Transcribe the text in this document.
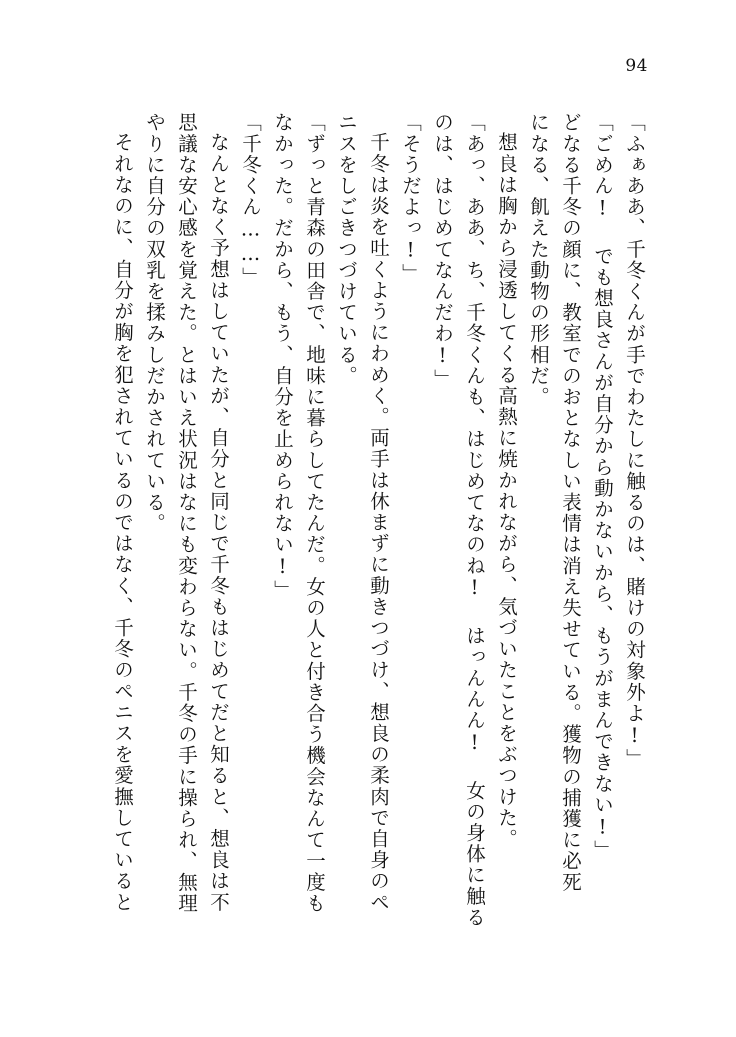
94
「ふぁああ、千冬くんが手でわたしに触るのは、賭けの対象外よ!」
「ごめん! でも想良さんが自分から動かないから、もうがまんできない!」
どなる千冬の顔に、教室でのおとなしい表情は消え失せている。獲物の捕獲に必死
になる、飢えた動物の形相だ。
想良は胸から浸透してくる高熱に焼かれながら、気づいたことをぶつけた。
「あっ、ああ、ち、千冬くんも、はじめてなのね! はっんんん! 女の身体に触る
のは、はじめてなんだわ!」
「そうだよっ!」
千冬は炎を吐くようにわめく。両手は休まずに動きつづけ、想良の柔肉で自身のペ
ニスをしごきつづけている。
「ずっと青森の田舎で、地味に暮らしてたんだ。女の人と付き合う機会なんて一度も
なかった。だから、もう、自分を止められない!」
「千冬くん……」
なんとなく予想はしていたが、自分と同じで千冬もはじめてだと知ると、想良は不
思議な安心感を覚えた。とはいえ状況はなにも変わらない。千冬の手に操られ、無理
やりに自分の双乳を揉みしだかされている。
それなのに、自分が胸を犯されているのではなく、千冬のペニスを愛撫していると
